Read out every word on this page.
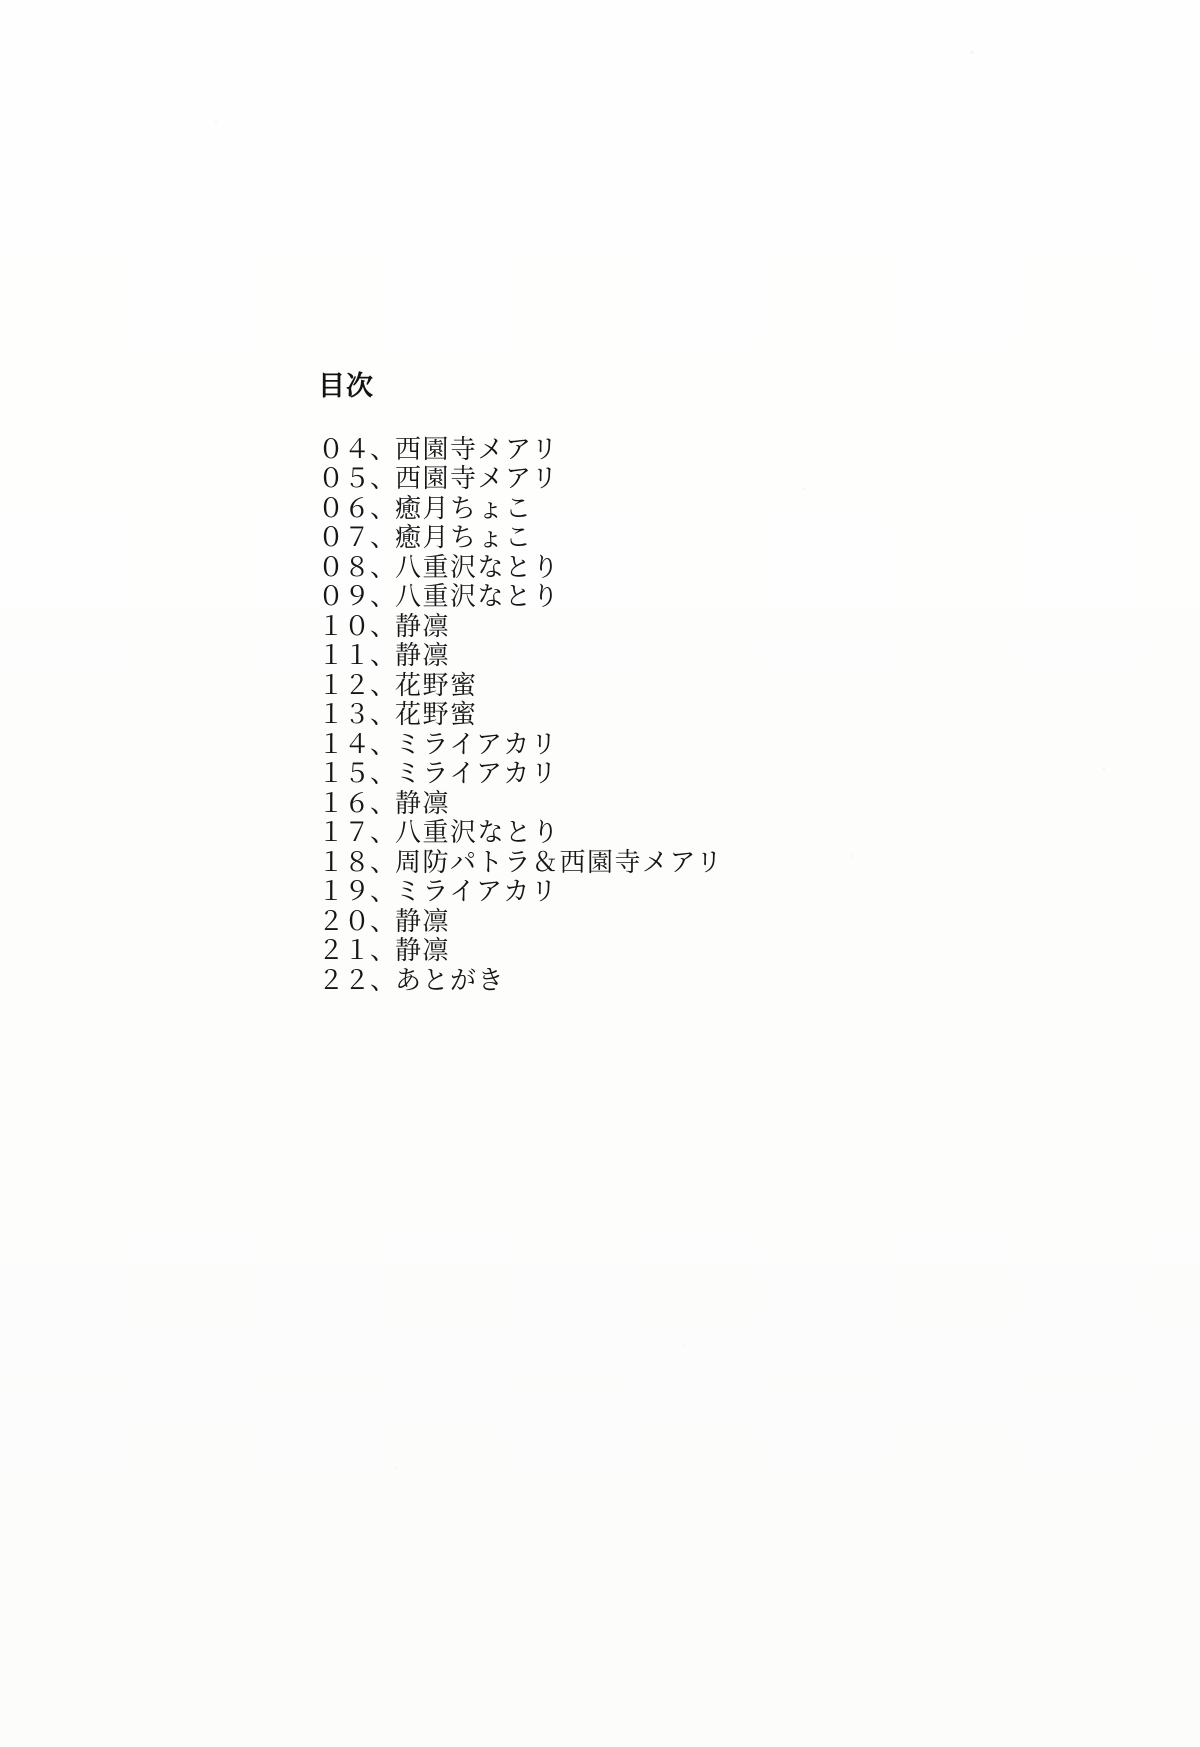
目次
０４、西園寺メアリ
０５、西園寺メアリ
０６、癒月ちょこ
０７、癒月ちょこ
０８、八重沢なとり
０９、八重沢なとり
１０、静凛
１１、静凛
１２、花野蜜
１３、花野蜜
１４、ミライアカリ
１５、ミライアカリ
１６、静凛
１７、八重沢なとり
１８、周防パトラ＆西園寺メアリ
１９、ミライアカリ
２０、静凛
２１、静凛
２２、あとがき
